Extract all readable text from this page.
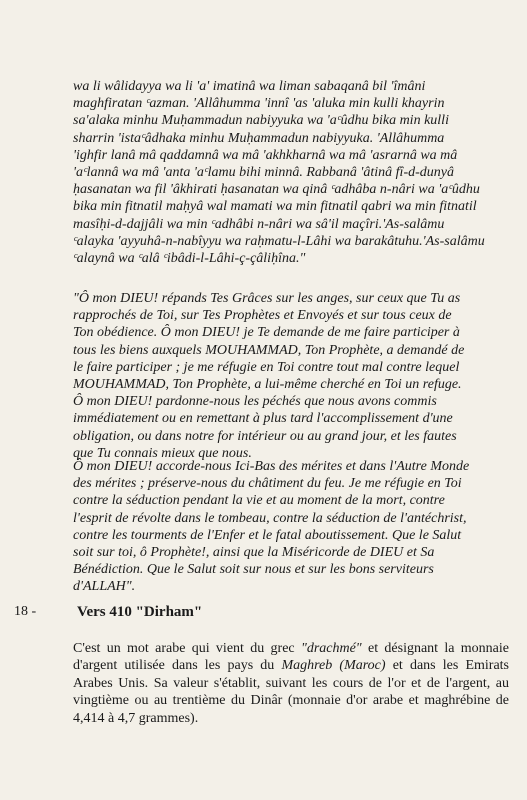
wa li wâlidayya wa li 'a' imatinâ wa liman sabaqanâ bil 'îmâni
maghfiratan ᶜazman. 'Allâhumma 'innî 'as 'aluka min kulli khayrin
sa'alaka minhu Muḥammadun nabiyyuka wa 'aᶜûdhu bika min kulli
sharrin 'istaᶜâdhaka minhu Muḥammadun nabiyyuka. 'Allâhumma
'ighfir lanâ mâ qaddamnâ wa mâ 'akhkharnâ wa mâ 'asrarnâ wa mâ
'aᶜlannâ wa mâ 'anta 'aᶜlamu bihi minnâ. Rabbanâ 'âtinâ fî-d-dunyâ
ḥasanatan wa fil 'âkhirati ḥasanatan wa qinâ ᶜadhâba n-nâri wa 'aᶜûdhu
bika min fitnatil maḥyâ wal mamati wa min fitnatil qabri wa min fitnatil
masîḥi-d-dajjâli wa min ᶜadhâbi n-nâri wa sâ'il maçîri.'As-salâmu
ᶜalayka 'ayyuhâ-n-nabîyyu wa raḥmatu-l-Lâhi wa barakâtuhu.'As-salâmu
ᶜalaynâ wa ᶜalâ ᶜibâdi-l-Lâhi-ç-çâliḥîna."

"Ô mon DIEU! répands Tes Grâces sur les anges, sur ceux que Tu as
rapprochés de Toi, sur Tes Prophètes et Envoyés et sur tous ceux de
Ton obédience. Ô mon DIEU! je Te demande de me faire participer à
tous les biens auxquels MOUHAMMAD, Ton Prophète, a demandé de
le faire participer ; je me réfugie en Toi contre tout mal contre lequel
MOUHAMMAD, Ton Prophète, a lui-même cherché en Toi un refuge.
Ô mon DIEU! pardonne-nous les péchés que nous avons commis
immédiatement ou en remettant à plus tard l'accomplissement d'une
obligation, ou dans notre for intérieur ou au grand jour, et les fautes
que Tu connais mieux que nous.

Ô mon DIEU! accorde-nous Ici-Bas des mérites et dans l'Autre Monde
des mérites ; préserve-nous du châtiment du feu. Je me réfugie en Toi
contre la séduction pendant la vie et au moment de la mort, contre
l'esprit de révolte dans le tombeau, contre la séduction de l'antéchrist,
contre les tourments de l'Enfer et le fatal aboutissement. Que le Salut
soit sur toi, ô Prophète!, ainsi que la Miséricorde de DIEU et Sa
Bénédiction. Que le Salut soit sur nous et sur les bons serviteurs
d'ALLAH".

18 -	Vers 410 "Dirham"
C'est un mot arabe qui vient du grec "drachmé" et désignant la monnaie d'argent utilisée dans les pays du Maghreb (Maroc) et dans les Emirats Arabes Unis. Sa valeur s'établit, suivant les cours de l'or et de l'argent, au vingtième ou au trentième du Dinâr (monnaie d'or arabe et maghrébine de 4,414 à 4,7 grammes).
